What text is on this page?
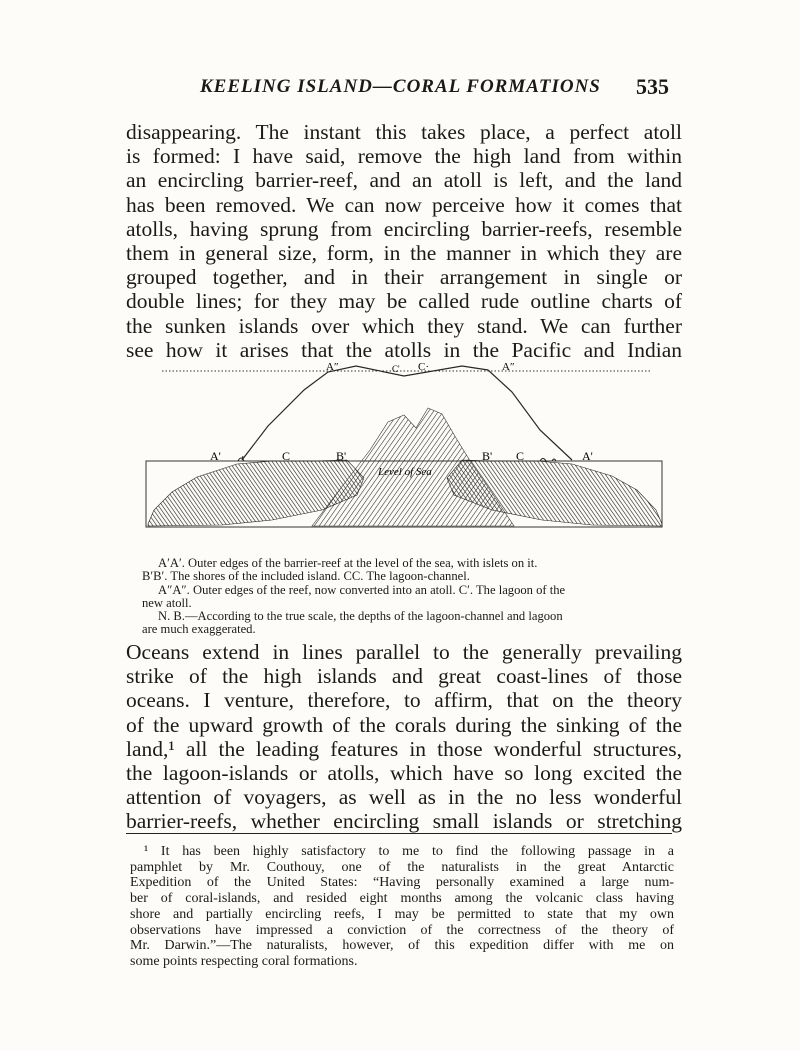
KEELING ISLAND—CORAL FORMATIONS 535
disappearing. The instant this takes place, a perfect atoll
is formed: I have said, remove the high land from within
an encircling barrier-reef, and an atoll is left, and the land
has been removed. We can now perceive how it comes that
atolls, having sprung from encircling barrier-reefs, resemble
them in general size, form, in the manner in which they are
grouped together, and in their arrangement in single or
double lines; for they may be called rude outline charts of
the sunken islands over which they stand. We can further
see how it arises that the atolls in the Pacific and Indian
A″	C' C·	A″
A'	C	B'	B' C	A'
Level of Sea
A′A′. Outer edges of the barrier-reef at the level of the sea, with islets on it.
B′B′. The shores of the included island. CC. The lagoon-channel.
A″A″. Outer edges of the reef, now converted into an atoll. C′. The lagoon of the
new atoll.
N. B.—According to the true scale, the depths of the lagoon-channel and lagoon
are much exaggerated.
Oceans extend in lines parallel to the generally prevailing
strike of the high islands and great coast-lines of those
oceans. I venture, therefore, to affirm, that on the theory
of the upward growth of the corals during the sinking of the
land,¹ all the leading features in those wonderful structures,
the lagoon-islands or atolls, which have so long excited the
attention of voyagers, as well as in the no less wonderful
barrier-reefs, whether encircling small islands or stretching
¹ It has been highly satisfactory to me to find the following passage in a
pamphlet by Mr. Couthouy, one of the naturalists in the great Antarctic
Expedition of the United States: “Having personally examined a large num-
ber of coral-islands, and resided eight months among the volcanic class having
shore and partially encircling reefs, I may be permitted to state that my own
observations have impressed a conviction of the correctness of the theory of
Mr. Darwin.”—The naturalists, however, of this expedition differ with me on
some points respecting coral formations.
